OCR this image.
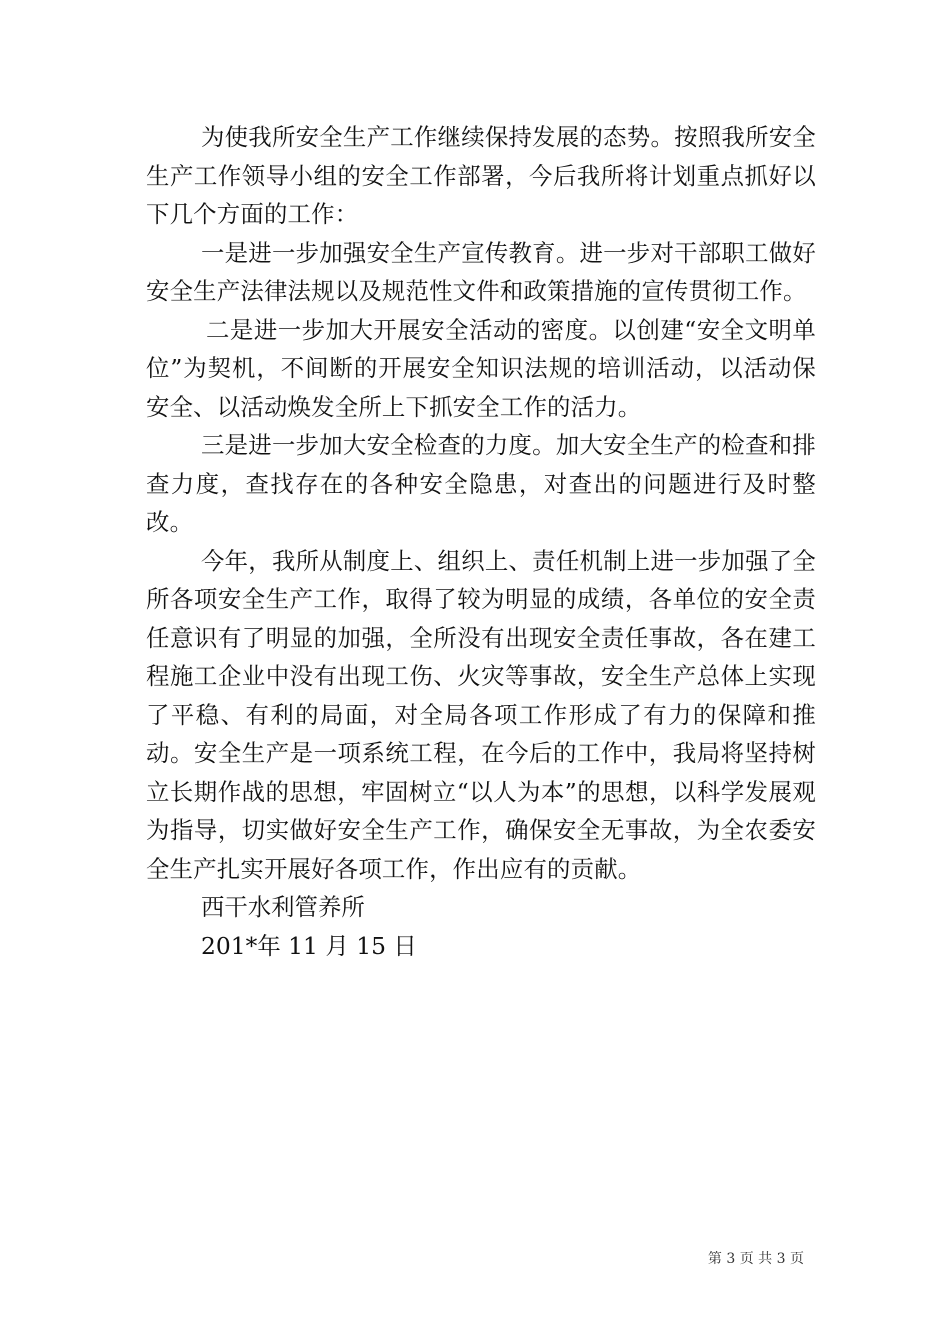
为使我所安全生产工作继续保持发展的态势。按照我所安全生产工作领导小组的安全工作部署，今后我所将计划重点抓好以下几个方面的工作：

一是进一步加强安全生产宣传教育。进一步对干部职工做好安全生产法律法规以及规范性文件和政策措施的宣传贯彻工作。

二是进一步加大开展安全活动的密度。以创建“安全文明单位”为契机，不间断的开展安全知识法规的培训活动，以活动保安全、以活动焕发全所上下抓安全工作的活力。

三是进一步加大安全检查的力度。加大安全生产的检查和排查力度，查找存在的各种安全隐患，对查出的问题进行及时整改。

今年，我所从制度上、组织上、责任机制上进一步加强了全所各项安全生产工作，取得了较为明显的成绩，各单位的安全责任意识有了明显的加强，全所没有出现安全责任事故，各在建工程施工企业中没有出现工伤、火灾等事故，安全生产总体上实现了平稳、有利的局面，对全局各项工作形成了有力的保障和推动。安全生产是一项系统工程，在今后的工作中，我局将坚持树立长期作战的思想，牢固树立“以人为本”的思想，以科学发展观为指导，切实做好安全生产工作，确保安全无事故，为全农委安全生产扎实开展好各项工作，作出应有的贡献。

西干水利管养所

201*年 11 月 15 日

第 3 页 共 3 页
